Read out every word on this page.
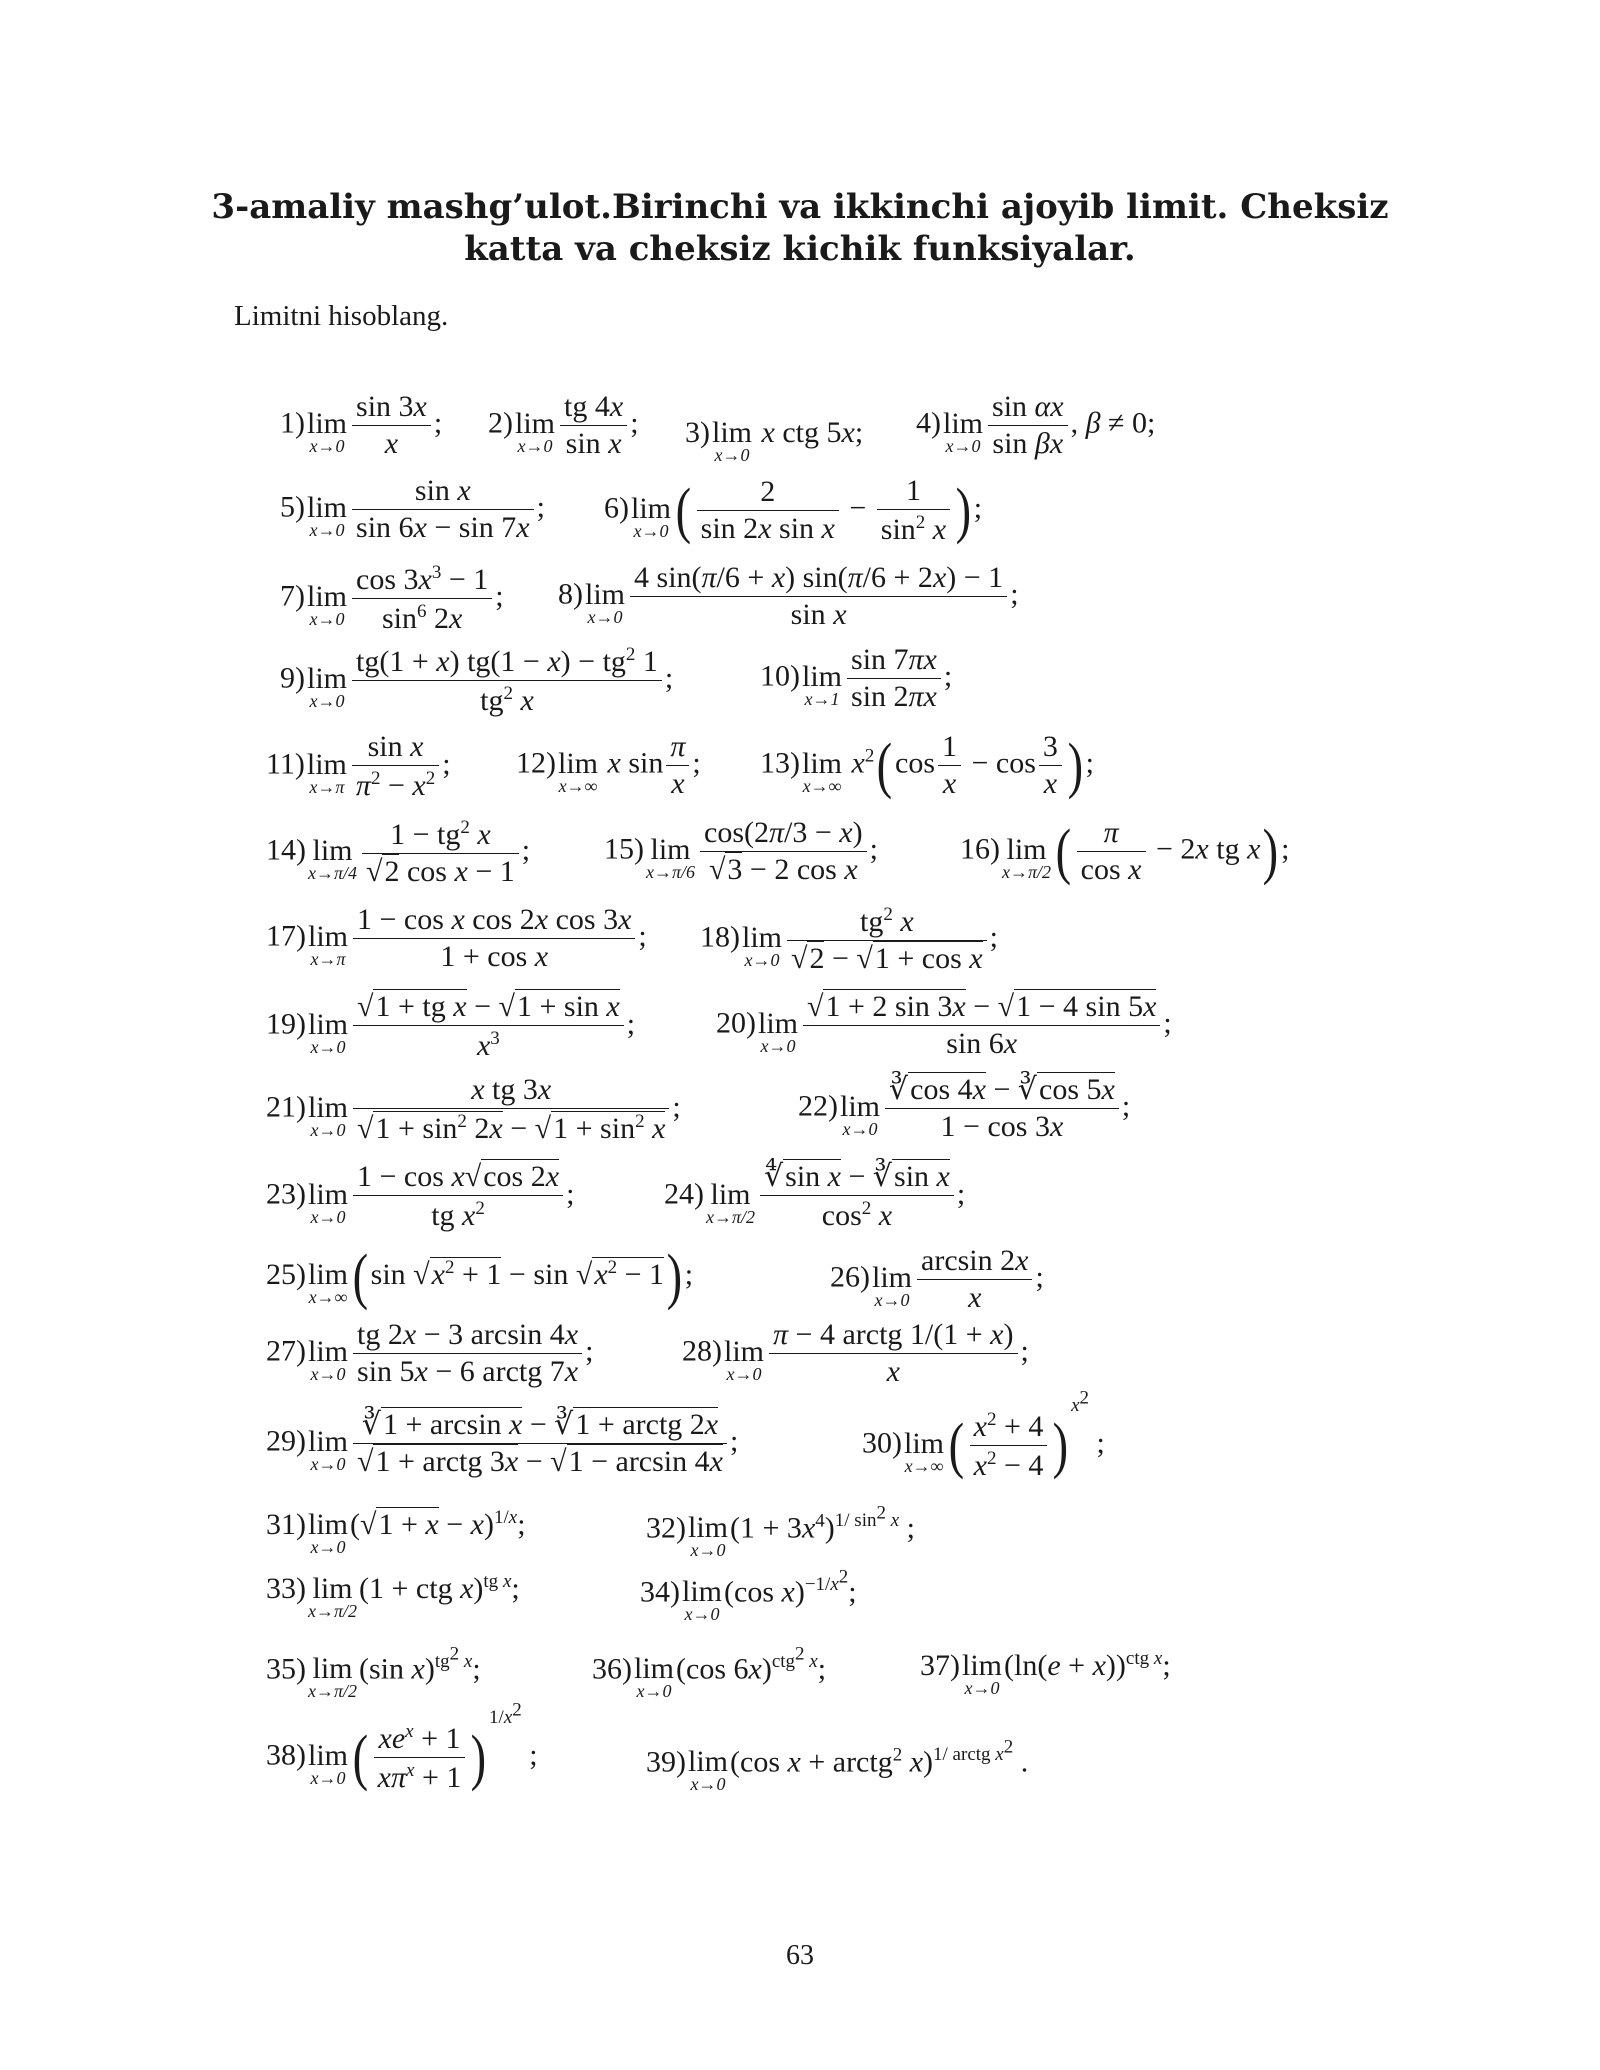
3-amaliy mashg’ulot.Birinchi va ikkinchi ajoyib limit. Cheksiz
katta va cheksiz kichik funksiyalar.
Limitni hisoblang.
1) lim
$x\to 0 \frac{\sin 3x}{x}$ ; 2) lim
$x\to 0 \frac{tg 4x}{\text{sin x}}$ ; 3) lim
x→0
x ctg 5x; 4) lim
$x\to 0 \frac{\text{sin αx}}{\text{sin βx}}$ , β ≠ 0;
5) lim
$x\to 0 \frac{\text{sin x}}{\sin 6x - \sin 7x}$ ; 6) lim
x→0 ( $\frac{2}{\text{sin 2x sin x}} - \frac{1}{\sin^2 x}$ );
7) lim
$x\to 0 \frac{\cos 3x^3 - 1}{\sin^6 2x}$ ; 8) lim
$x\to 0 \frac{4 \sin(\pi/6 + x) \sin(\pi/6 + 2x) - 1}{\text{sin x}}$ ;
9) lim
$x\to 0 \frac{tg(1 + x) tg(1 - x) - tg^2 1}{tg^2 x}$ ;	10) lim
$x\to 1 \frac{\sin 7\pi x}{\sin 2\pi x}$ ;
11) lim
$x\to\pi \frac{\text{sin x}}{\pi^2 - x^2}$ ; 12) lim
x→∞
x $\sin \frac{\pi}{x}$ ; 13) lim
x→∞
$x^2(\cos \frac{1}{x} - \cos \frac{3}{x}$ );
14) lim
$x\to\pi/4 \frac{1 - tg^2 x}{\text{√2 cos x − 1}}$ ; 15) lim
$x\to\pi/6 \frac{\cos(2\pi/3 - x)}{\text{√3 − 2 cos x}}$ ;	16) lim
x→π/2 ( $\frac{\pi}{\text{cos x}} - 2x$ tg x);
17) lim
$x\to\pi \frac{\text{1 − cos x cos 2x cos 3x}}{\text{1 + cos x}}$ ; 18) lim
$x\to 0 \frac{tg^2 x}{\text{√2 − √1 + cos x}}$ ;
19) lim
$x\to 0 \frac{\text{√1 + tg x − √1 + sin x}}{x^3}$ ;	20) lim
$x\to 0 \frac{√1 + 2 \sin 3x - √1 - 4 \sin 5x}{\sin 6x}$ ;
21) lim
$x\to 0 \frac{\text{x tg 3x}}{√1 + \sin^2 2x - √1 + \sin^2 x}$ ;	22) lim
$x\to 0 \frac{∛\cos 4x - ∛\cos 5x}{1 - \cos 3x}$ ;
23) lim
$x\to 0 \frac{\text{1 − cos x√cos 2x}}{tg x^2}$ ;	24) lim
$x\to\pi/2 \frac{\text{∜sin x − ∛sin x}}{\cos^2 x}$ ;
25) lim
x→∞ (sin $√x^2 + 1 - \sin √x^2 - 1$);	26) lim
$x\to 0 \frac{\arcsin 2x}{x}$ ;
27) lim
$x\to 0 \frac{tg 2x - 3 \arcsin 4x}{\text{sin 5x − 6 arctg 7x}}$ ;	28) lim
$x\to 0 \frac{\text{π − 4 arctg 1/(1 + x)}}{x}$ ;
29) lim
$x\to 0 \frac{\text{∛1 + arcsin x − ∛1 + arctg 2x}}{\text{√1 + arctg 3x − √1 − arcsin 4x}}$ ;	30) lim
x→∞ ( $\frac{x^2 + 4}{x^2 - 4} )^{x^2}$ ;
31) lim
x→0
$(√1 + x - x)^{1/x}$;	32) lim
x→0
$(1 + 3x^4)^{1/ sin^2 x}$ ;
33) lim
x→π/2
(1 + ctg x)$^{tg x}$;	34) lim
x→0
(cos x)$^{-1/x^2}$;
35) lim
x→π/2
(sin x)$^{tg^2 x}$;	36) lim
x→0
(cos 6x)$^{ctg^2 x}$;	37) lim
x→0
$(\ln(e + x))^{ctg x}$;
38) lim
x→0 ( $\frac{xe^x + 1}{x\pi^x + 1} )^{1/x^2}$ ;	39) lim
x→0
(cos x + arctg$^2$ x)$^{1/ arctg x^2}$ .
63
